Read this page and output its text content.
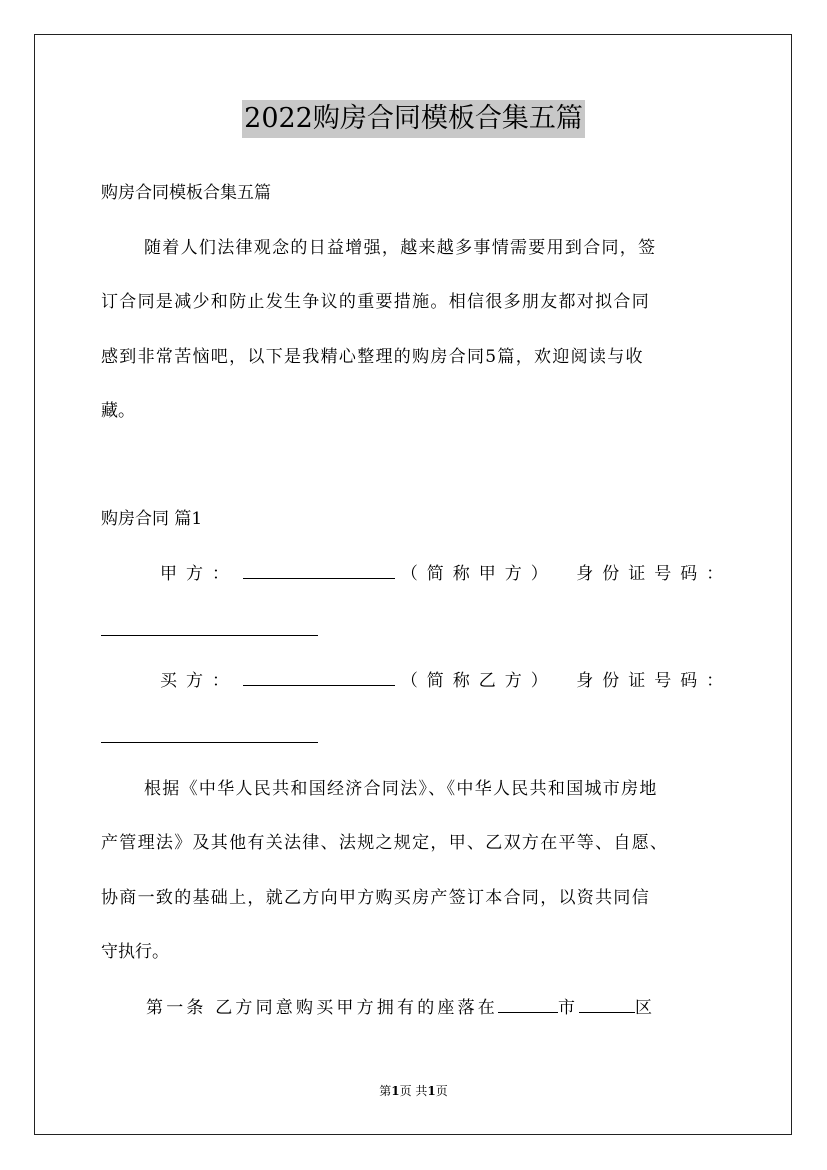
2022购房合同模板合集五篇
购房合同模板合集五篇
随着人们法律观念的日益增强，越来越多事情需要用到合同，签
订合同是减少和防止发生争议的重要措施。相信很多朋友都对拟合同
感到非常苦恼吧，以下是我精心整理的购房合同5篇，欢迎阅读与收
藏。
购房合同 篇1
甲方：	（简称甲方） 身份证号码：
买方：	（简称乙方） 身份证号码：
根据《中华人民共和国经济合同法》、《中华人民共和国城市房地
产管理法》及其他有关法律、法规之规定，甲、乙双方在平等、自愿、
协商一致的基础上，就乙方向甲方购买房产签订本合同，以资共同信
守执行。
第一条 乙方同意购买甲方拥有的座落在	市	区
第1页 共1页
